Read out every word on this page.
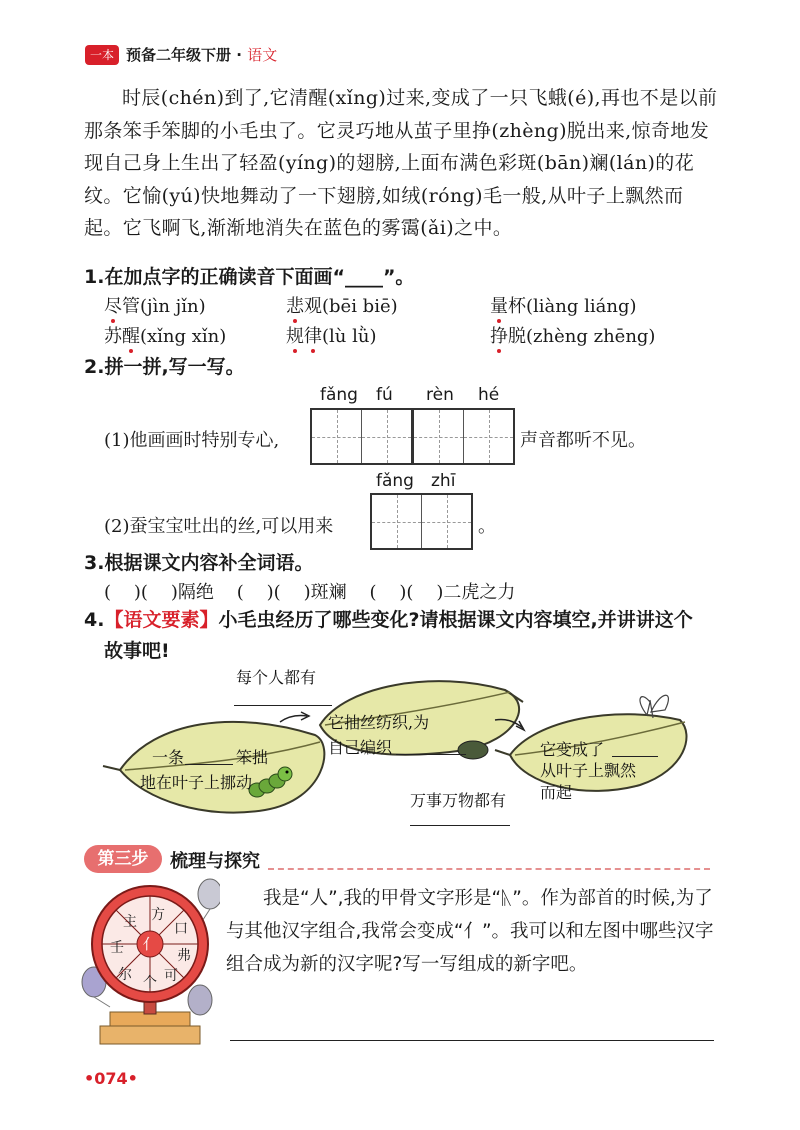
一本 预备二年级下册 · 语文

时辰(chén)到了,它清醒(xǐng)过来,变成了一只飞蛾(é),再也不是以前那条笨手笨脚的小毛虫了。它灵巧地从茧子里挣(zhèng)脱出来,惊奇地发现自己身上生出了轻盈(yíng)的翅膀,上面布满色彩斑(bān)斓(lán)的花纹。它愉(yú)快地舞动了一下翅膀,如绒(róng)毛一般,从叶子上飘然而起。它飞啊飞,渐渐地消失在蓝色的雾霭(ǎi)之中。

1.在加点字的正确读音下面画“____”。
尽管(jìn jǐn)	悲观(bēi biē)	量杯(liàng liáng)
苏醒(xǐng xǐn)	规律(lù lǜ)	挣脱(zhèng zhēng)
2.拼一拼,写一写。
fǎng fú rèn hé
(1)他画画时特别专心,	声音都听不见。
fǎng zhī
(2)蚕宝宝吐出的丝,可以用来	。
3.根据课文内容补全词语。
(    )(    )隔绝    (    )(    )斑斓    (    )(    )二虎之力
4.【语文要素】小毛虫经历了哪些变化?请根据课文内容填空,并讲讲这个
故事吧!
每个人都有
一条	笨拙
地在叶子上挪动
它抽丝纺织,为
自己编织	它变成了
从叶子上飘然
而起
万事万物都有
第三步	梳理与探究
亻
方
口
弗
可
个
尔
壬
主

我是“人”,我的甲骨文字形是“ᚣ”。作为部首的时候,为了与其他汉字组合,我常会变成“亻”。我可以和左图中哪些汉字组合成为新的汉字呢?写一写组成的新字吧。

•074•
